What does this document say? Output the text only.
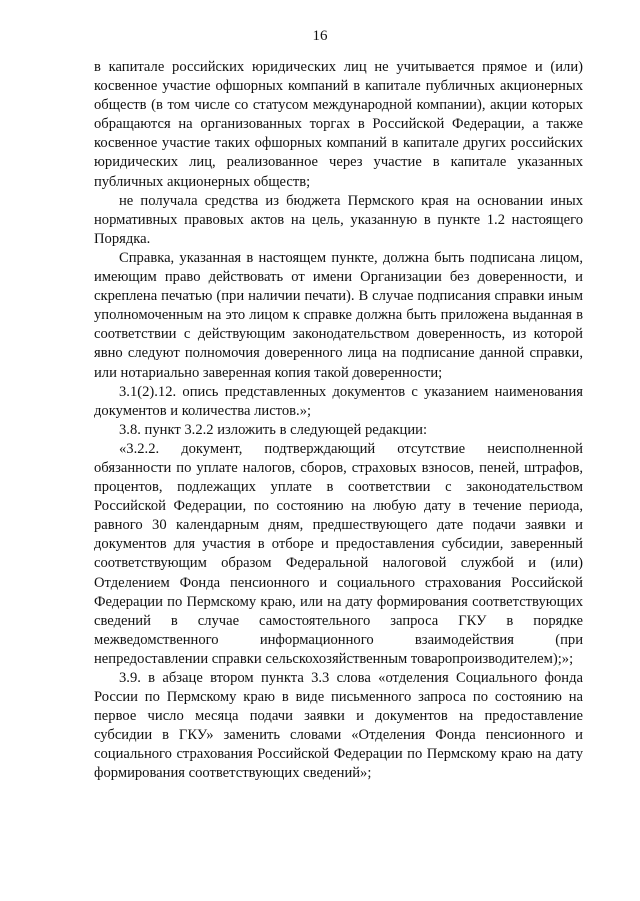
16

в капитале российских юридических лиц не учитывается прямое и (или) косвенное участие офшорных компаний в капитале публичных акционерных обществ (в том числе со статусом международной компании), акции которых обращаются на организованных торгах в Российской Федерации, а также косвенное участие таких офшорных компаний в капитале других российских юридических лиц, реализованное через участие в капитале указанных публичных акционерных обществ;

не получала средства из бюджета Пермского края на основании иных нормативных правовых актов на цель, указанную в пункте 1.2 настоящего Порядка.

Справка, указанная в настоящем пункте, должна быть подписана лицом, имеющим право действовать от имени Организации без доверенности, и скреплена печатью (при наличии печати). В случае подписания справки иным уполномоченным на это лицом к справке должна быть приложена выданная в соответствии с действующим законодательством доверенность, из которой явно следуют полномочия доверенного лица на подписание данной справки, или нотариально заверенная копия такой доверенности;

3.1(2).12. опись представленных документов с указанием наименования документов и количества листов.»;

3.8. пункт 3.2.2 изложить в следующей редакции:

«3.2.2. документ, подтверждающий отсутствие неисполненной обязанности по уплате налогов, сборов, страховых взносов, пеней, штрафов, процентов, подлежащих уплате в соответствии с законодательством Российской Федерации, по состоянию на любую дату в течение периода, равного 30 календарным дням, предшествующего дате подачи заявки и документов для участия в отборе и предоставления субсидии, заверенный соответствующим образом Федеральной налоговой службой и (или) Отделением Фонда пенсионного и социального страхования Российской Федерации по Пермскому краю, или на дату формирования соответствующих сведений в случае самостоятельного запроса ГКУ в порядке межведомственного информационного взаимодействия (при непредоставлении справки сельскохозяйственным товаропроизводителем);»;

3.9. в абзаце втором пункта 3.3 слова «отделения Социального фонда России по Пермскому краю в виде письменного запроса по состоянию на первое число месяца подачи заявки и документов на предоставление субсидии в ГКУ» заменить словами «Отделения Фонда пенсионного и социального страхования Российской Федерации по Пермскому краю на дату формирования соответствующих сведений»;
